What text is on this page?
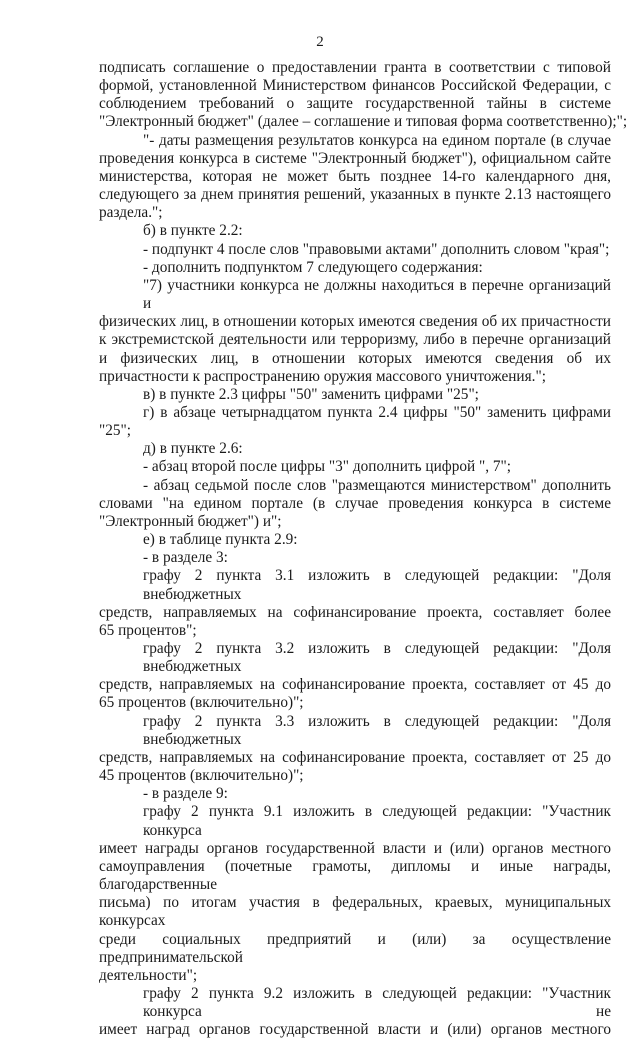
2
подписать соглашение о предоставлении гранта в соответствии с типовой
формой, установленной Министерством финансов Российской Федерации, с
соблюдением требований о защите государственной тайны в системе
"Электронный бюджет" (далее – соглашение и типовая форма соответственно);";
"- даты размещения результатов конкурса на едином портале (в случае
проведения конкурса в системе "Электронный бюджет"), официальном сайте
министерства, которая не может быть позднее 14-го календарного дня,
следующего за днем принятия решений, указанных в пункте 2.13 настоящего
раздела.";
б) в пункте 2.2:
- подпункт 4 после слов "правовыми актами" дополнить словом "края";
- дополнить подпунктом 7 следующего содержания:
"7) участники конкурса не должны находиться в перечне организаций и
физических лиц, в отношении которых имеются сведения об их причастности
к экстремистской деятельности или терроризму, либо в перечне организаций
и физических лиц, в отношении которых имеются сведения об их
причастности к распространению оружия массового уничтожения.";
в) в пункте 2.3 цифры "50" заменить цифрами "25";
г) в абзаце четырнадцатом пункта 2.4 цифры "50" заменить цифрами
"25";
д) в пункте 2.6:
- абзац второй после цифры "3" дополнить цифрой ", 7";
- абзац седьмой после слов "размещаются министерством" дополнить
словами "на едином портале (в случае проведения конкурса в системе
"Электронный бюджет") и";
е) в таблице пункта 2.9:
- в разделе 3:
графу 2 пункта 3.1 изложить в следующей редакции: "Доля внебюджетных
средств, направляемых на софинансирование проекта, составляет более
65 процентов";
графу 2 пункта 3.2 изложить в следующей редакции: "Доля внебюджетных
средств, направляемых на софинансирование проекта, составляет от 45 до
65 процентов (включительно)";
графу 2 пункта 3.3 изложить в следующей редакции: "Доля внебюджетных
средств, направляемых на софинансирование проекта, составляет от 25 до
45 процентов (включительно)";
- в разделе 9:
графу 2 пункта 9.1 изложить в следующей редакции: "Участник конкурса
имеет награды органов государственной власти и (или) органов местного
самоуправления (почетные грамоты, дипломы и иные награды, благодарственные
письма) по итогам участия в федеральных, краевых, муниципальных конкурсах
среди социальных предприятий и (или) за осуществление предпринимательской
деятельности";
графу 2 пункта 9.2 изложить в следующей редакции: "Участник конкурса не
имеет наград органов государственной власти и (или) органов местного
